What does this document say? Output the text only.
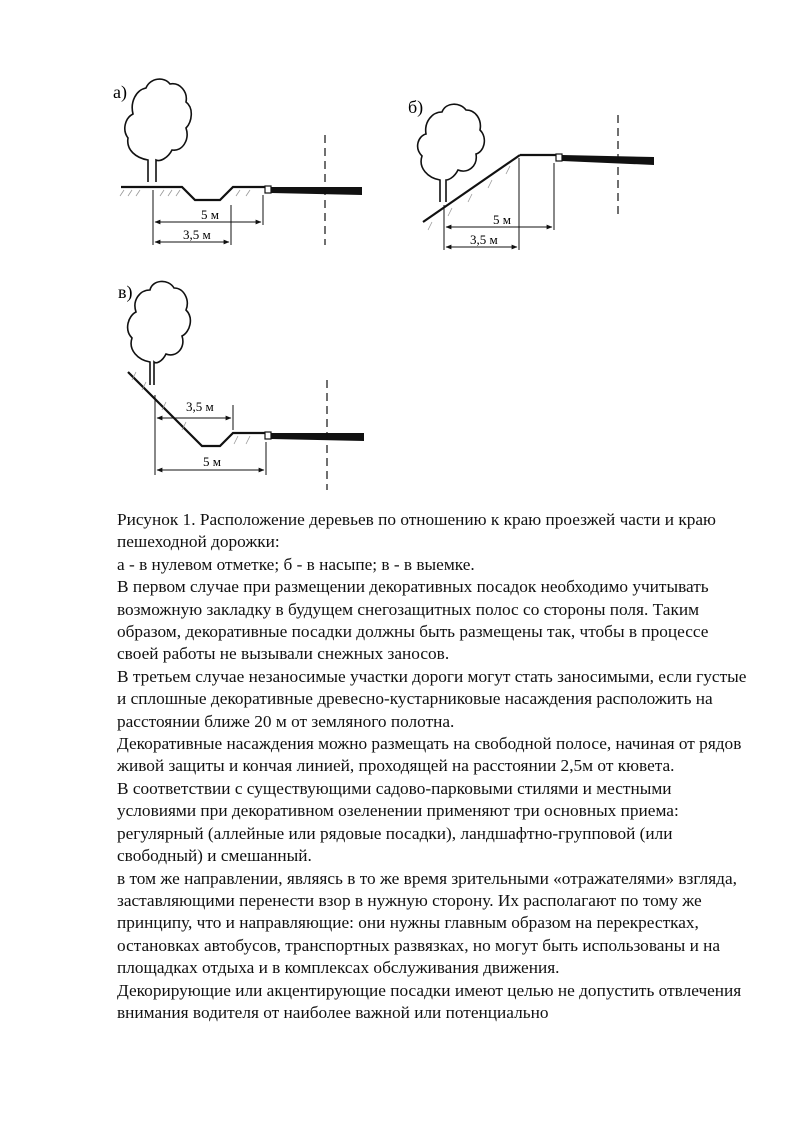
а)
5 м
3,5 м
б)
5 м
3,5 м
в)
3,5 м
5 м

Рисунок 1. Расположение деревьев по отношению к краю проезжей части и краю пешеходной дорожки:

а - в нулевом отметке; б - в насыпе; в - в выемке.

В первом случае при размещении декоративных посадок необходимо учитывать возможную закладку в будущем снегозащитных полос со стороны поля. Таким образом, декоративные посадки должны быть размещены так, чтобы в процессе своей работы не вызывали снежных заносов.

В третьем случае незаносимые участки дороги могут стать заносимыми, если густые и сплошные декоративные древесно-кустарниковые насаждения расположить на расстоянии ближе 20 м от земляного полотна.

Декоративные насаждения можно размещать на свободной полосе, начиная от рядов живой защиты и кончая линией, проходящей на расстоянии 2,5м от кювета.

В соответствии с существующими садово-парковыми стилями и местными условиями при декоративном озеленении применяют три основных приема: регулярный (аллейные или рядовые посадки), ландшафтно-групповой (или свободный) и смешанный.

в том же направлении, являясь в то же время зрительными «отражателями» взгляда, заставляющими перенести взор в нужную сторону. Их располагают по тому же принципу, что и направляющие: они нужны главным образом на перекрестках, остановках автобусов, транспортных развязках, но могут быть использованы и на площадках отдыха и в комплексах обслуживания движения.

Декорирующие или акцентирующие посадки имеют целью не допустить отвлечения внимания водителя от наиболее важной или потенциально
